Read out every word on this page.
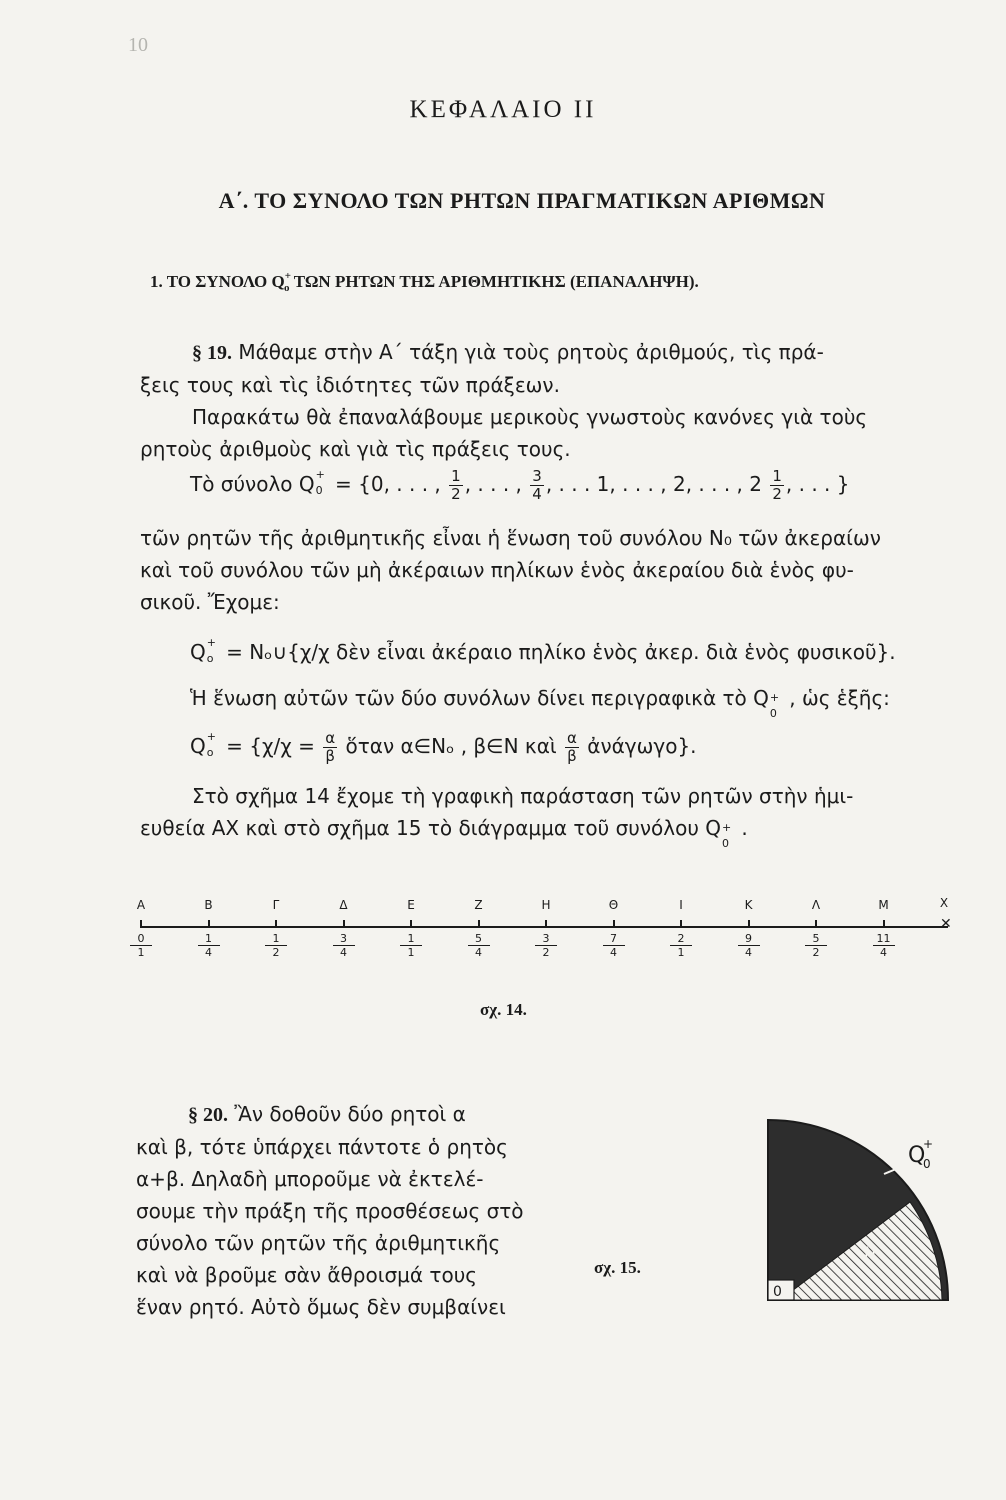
10
ΚΕΦΑΛΑΙΟ ΙΙ
Α΄. ΤΟ ΣΥΝΟΛΟ ΤΩΝ ΡΗΤΩΝ ΠΡΑΓΜΑΤΙΚΩΝ ΑΡΙΘΜΩΝ
1. ΤΟ ΣΥΝΟΛΟ $Q^+_o$ ΤΩΝ ΡΗΤΩΝ ΤΗΣ ΑΡΙΘΜΗΤΙΚΗΣ (ΕΠΑΝΑΛΗΨΗ).
§ 19. Μάθαμε στὴν Α΄ τάξη γιὰ τοὺς ρητοὺς ἀριθμούς, τὶς πρά-
ξεις τους καὶ τὶς ἰδιότητες τῶν πράξεων.
Παρακάτω θὰ ἐπαναλάβουμε μερικοὺς γνωστοὺς κανόνες γιὰ τοὺς
ρητοὺς ἀριθμοὺς καὶ γιὰ τὶς πράξεις τους.
Τὸ σύνολο Q +
0 = {0, . . . , $\frac{1}{2}$ , . . . , $\frac{3}{4}$ , . . . 1, . . . , 2, . . . , $2 \frac{1}{2}$ , . . . }
τῶν ρητῶν τῆς ἀριθμητικῆς εἶναι ἡ ἕνωση τοῦ συνόλου Ν₀ τῶν ἀκεραίων
καὶ τοῦ συνόλου τῶν μὴ ἀκέραιων πηλίκων ἑνὸς ἀκεραίου διὰ ἑνὸς φυ-
σικοῦ. Ἔχομε:
Q +
o = Nₒ∪{χ/χ δὲν εἶναι ἀκέραιο πηλίκο ἑνὸς ἀκερ. διὰ ἑνὸς φυσικοῦ}.
Ἡ ἕνωση αὐτῶν τῶν δύο συνόλων δίνει περιγραφικὰ τὸ Q +
0
, ὡς ἑξῆς:
Q +
$o = \{\chi/\chi = \frac{\alpha}{\beta}$ ὅταν α∈Nₒ , β∈N καὶ $\frac{\alpha}{\beta}$ ἀνάγωγο}.
Στὸ σχῆμα 14 ἔχομε τὴ γραφικὴ παράσταση τῶν ρητῶν στὴν ἡμι-
ευθεία ΑΧ καὶ στὸ σχῆμα 15 τὸ διάγραμμα τοῦ συνόλου Q +
0
.
Χ
✕
Α
$\frac{0}{1}$
Β
$\frac{1}{4}$
Γ
$\frac{1}{2}$
Δ
$\frac{3}{4}$
Ε
$\frac{1}{1}$
Ζ
$\frac{5}{4}$
Η
$\frac{3}{2}$
Θ
$\frac{7}{4}$
Ι
$\frac{2}{1}$
Κ
$\frac{9}{4}$
Λ
$\frac{5}{2}$
Μ
$\frac{11}{4}$
σχ. 14.
§ 20. Ἂν δοθοῦν δύο ρητοὶ α
καὶ β, τότε ὑπάρχει πάντοτε ὁ ρητὸς
α+β. Δηλαδὴ μποροῦμε νὰ ἐκτελέ-
σουμε τὴν πράξη τῆς προσθέσεως στὸ
σύνολο τῶν ρητῶν τῆς ἀριθμητικῆς
καὶ νὰ βροῦμε σὰν ἄθροισμά τους
ἕναν ρητό. Αὐτὸ ὅμως δὲν συμβαίνει
σχ. 15.
0
N
Q
+
0
